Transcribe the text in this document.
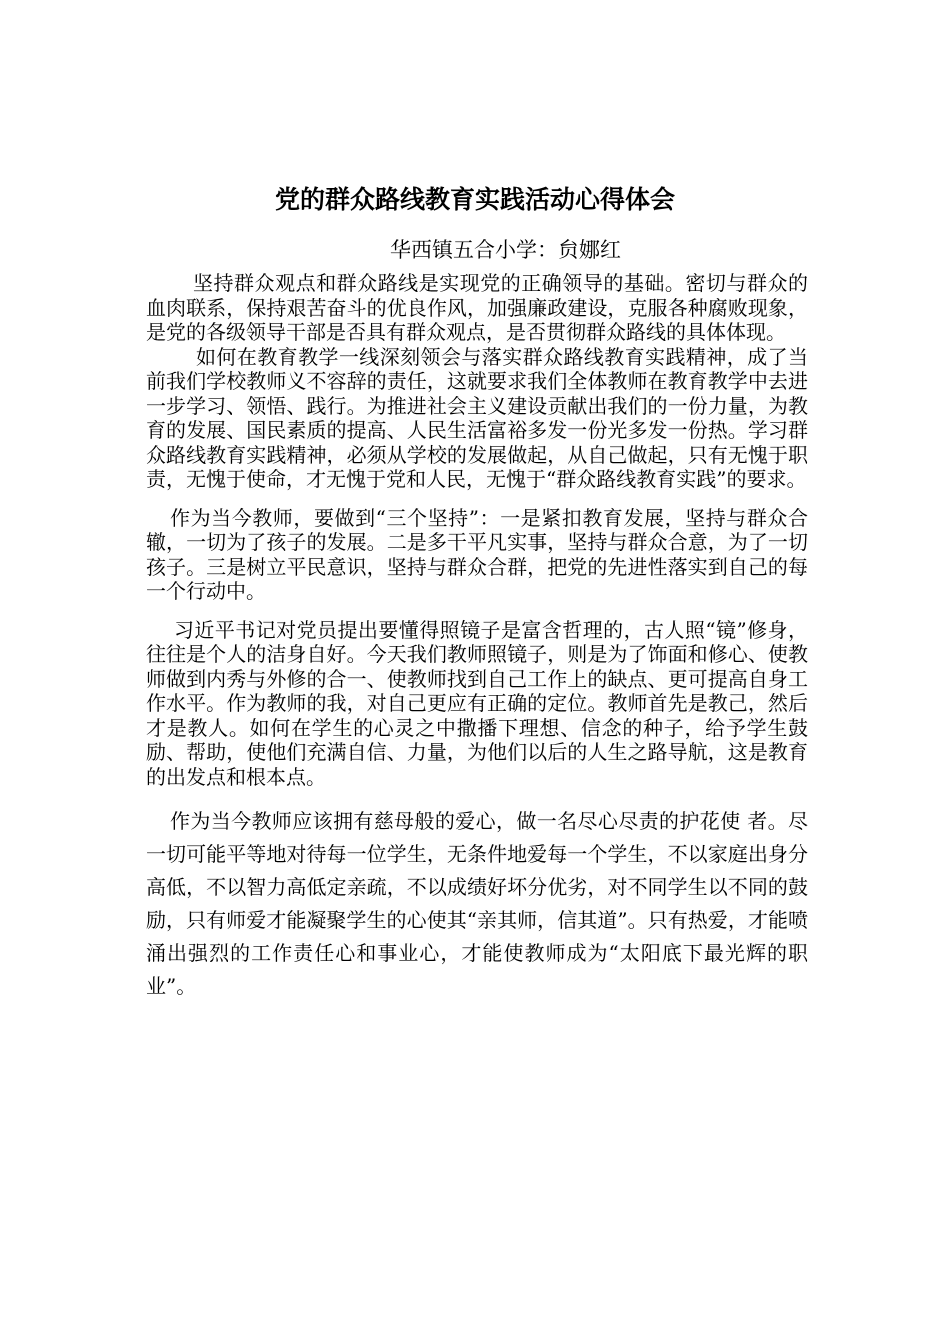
党的群众路线教育实践活动心得体会

华西镇五合小学：贠娜红

坚持群众观点和群众路线是实现党的正确领导的基础。密切与群众的血肉联系，保持艰苦奋斗的优良作风，加强廉政建设，克服各种腐败现象，是党的各级领导干部是否具有群众观点，是否贯彻群众路线的具体体现。

如何在教育教学一线深刻领会与落实群众路线教育实践精神，成了当前我们学校教师义不容辞的责任，这就要求我们全体教师在教育教学中去进一步学习、领悟、践行。为推进社会主义建设贡献出我们的一份力量，为教育的发展、国民素质的提高、人民生活富裕多发一份光多发一份热。学习群众路线教育实践精神，必须从学校的发展做起，从自己做起，只有无愧于职责，无愧于使命，才无愧于党和人民，无愧于“群众路线教育实践”的要求。

作为当今教师，要做到“三个坚持”：一是紧扣教育发展，坚持与群众合辙，一切为了孩子的发展。二是多干平凡实事，坚持与群众合意，为了一切孩子。三是树立平民意识，坚持与群众合群，把党的先进性落实到自己的每一个行动中。

习近平书记对党员提出要懂得照镜子是富含哲理的，古人照“镜”修身，往往是个人的洁身自好。今天我们教师照镜子，则是为了饰面和修心、使教师做到内秀与外修的合一、使教师找到自己工作上的缺点、更可提高自身工作水平。作为教师的我，对自己更应有正确的定位。教师首先是教己，然后才是教人。如何在学生的心灵之中撒播下理想、信念的种子，给予学生鼓励、帮助，使他们充满自信、力量，为他们以后的人生之路导航，这是教育的出发点和根本点。

作为当今教师应该拥有慈母般的爱心，做一名尽心尽责的护花使 者。尽一切可能平等地对待每一位学生，无条件地爱每一个学生，不以家庭出身分高低，不以智力高低定亲疏，不以成绩好坏分优劣，对不同学生以不同的鼓励，只有师爱才能凝聚学生的心使其“亲其师，信其道”。只有热爱，才能喷涌出强烈的工作责任心和事业心，才能使教师成为“太阳底下最光辉的职业”。
